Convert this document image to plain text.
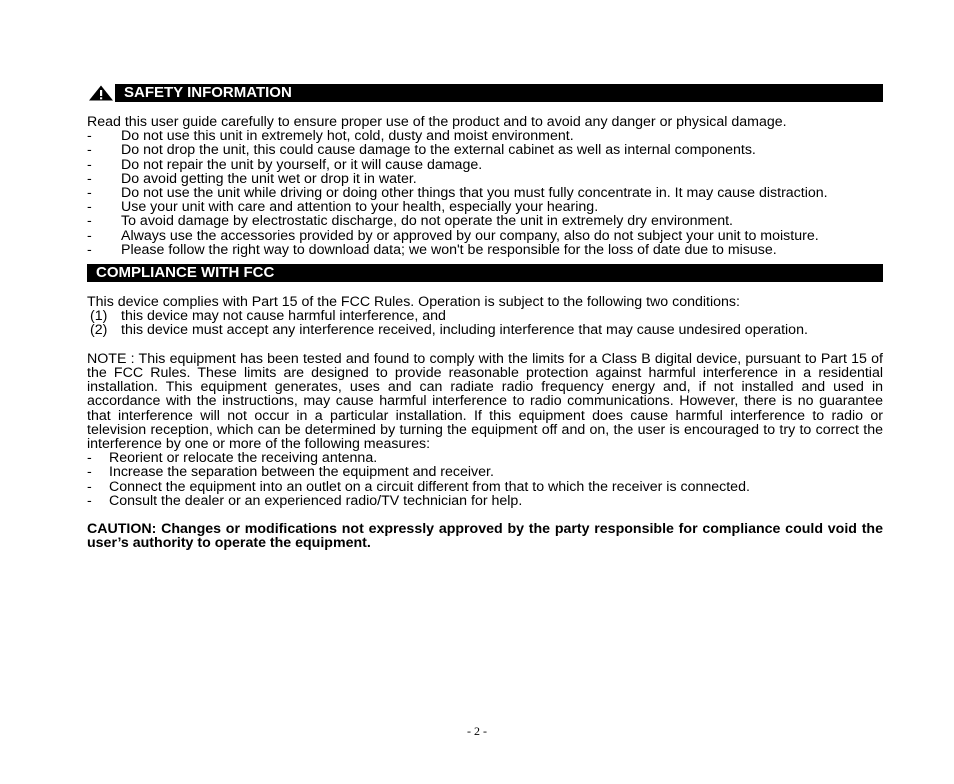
SAFETY INFORMATION
Read this user guide carefully to ensure proper use of the product and to avoid any danger or physical damage.
-	Do not use this unit in extremely hot, cold, dusty and moist environment.
-	Do not drop the unit, this could cause damage to the external cabinet as well as internal components.
-	Do not repair the unit by yourself, or it will cause damage.
-	Do avoid getting the unit wet or drop it in water.
-	Do not use the unit while driving or doing other things that you must fully concentrate in. It may cause distraction.
-	Use your unit with care and attention to your health, especially your hearing.
-	To avoid damage by electrostatic discharge, do not operate the unit in extremely dry environment.
-	Always use the accessories provided by or approved by our company, also do not subject your unit to moisture.
-	Please follow the right way to download data; we won't be responsible for the loss of date due to misuse.
COMPLIANCE WITH FCC
This device complies with Part 15 of the FCC Rules. Operation is subject to the following two conditions:
(1) this device may not cause harmful interference, and
(2) this device must accept any interference received, including interference that may cause undesired operation.
NOTE : This equipment has been tested and found to comply with the limits for a Class B digital device, pursuant to Part 15 of the FCC Rules. These limits are designed to provide reasonable protection against harmful interference in a residential installation. This equipment generates, uses and can radiate radio frequency energy and, if not installed and used in accordance with the instructions, may cause harmful interference to radio communications. However, there is no guarantee that interference will not occur in a particular installation. If this equipment does cause harmful interference to radio or television reception, which can be determined by turning the equipment off and on, the user is encouraged to try to correct the interference by one or more of the following measures:
-	Reorient or relocate the receiving antenna.
-	Increase the separation between the equipment and receiver.
-	Connect the equipment into an outlet on a circuit different from that to which the receiver is connected.
-	Consult the dealer or an experienced radio/TV technician for help.
CAUTION: Changes or modifications not expressly approved by the party responsible for compliance could void the user’s authority to operate the equipment.
- 2 -
